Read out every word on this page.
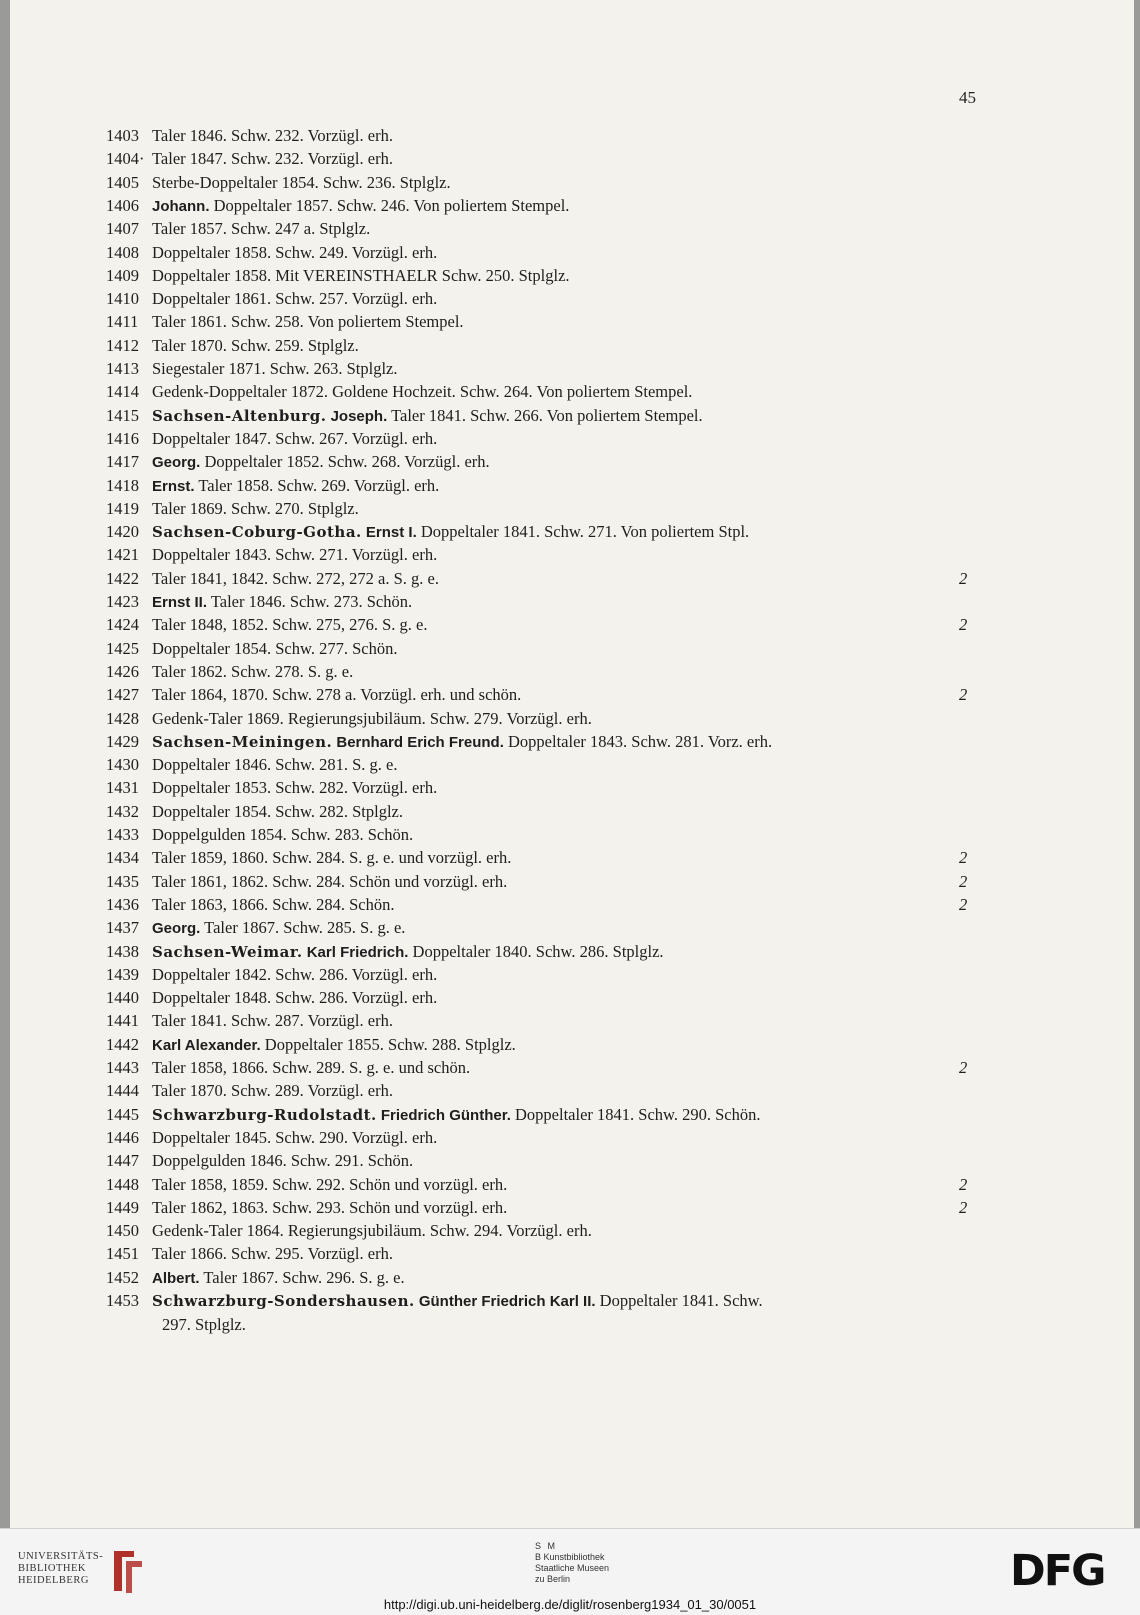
45
1403 Taler 1846. Schw. 232. Vorzügl. erh.
1404· Taler 1847. Schw. 232. Vorzügl. erh.
1405 Sterbe-Doppeltaler 1854. Schw. 236. Stplglz.
1406 Johann. Doppeltaler 1857. Schw. 246. Von poliertem Stempel.
1407 Taler 1857. Schw. 247 a. Stplglz.
1408 Doppeltaler 1858. Schw. 249. Vorzügl. erh.
1409 Doppeltaler 1858. Mit VEREINSTHAELR Schw. 250. Stplglz.
1410 Doppeltaler 1861. Schw. 257. Vorzügl. erh.
1411 Taler 1861. Schw. 258. Von poliertem Stempel.
1412 Taler 1870. Schw. 259. Stplglz.
1413 Siegestaler 1871. Schw. 263. Stplglz.
1414 Gedenk-Doppeltaler 1872. Goldene Hochzeit. Schw. 264. Von poliertem Stempel.
1415 Sachsen-Altenburg. Joseph. Taler 1841. Schw. 266. Von poliertem Stempel.
1416 Doppeltaler 1847. Schw. 267. Vorzügl. erh.
1417 Georg. Doppeltaler 1852. Schw. 268. Vorzügl. erh.
1418 Ernst. Taler 1858. Schw. 269. Vorzügl. erh.
1419 Taler 1869. Schw. 270. Stplglz.
1420 Sachsen-Coburg-Gotha. Ernst I. Doppeltaler 1841. Schw. 271. Von poliertem Stpl.
1421 Doppeltaler 1843. Schw. 271. Vorzügl. erh.
1422 Taler 1841, 1842. Schw. 272, 272 a. S. g. e.	2
1423 Ernst II. Taler 1846. Schw. 273. Schön.
1424 Taler 1848, 1852. Schw. 275, 276. S. g. e.	2
1425 Doppeltaler 1854. Schw. 277. Schön.
1426 Taler 1862. Schw. 278. S. g. e.
1427 Taler 1864, 1870. Schw. 278 a. Vorzügl. erh. und schön.	2
1428 Gedenk-Taler 1869. Regierungsjubiläum. Schw. 279. Vorzügl. erh.
1429 Sachsen-Meiningen. Bernhard Erich Freund. Doppeltaler 1843. Schw. 281. Vorz. erh.
1430 Doppeltaler 1846. Schw. 281. S. g. e.
1431 Doppeltaler 1853. Schw. 282. Vorzügl. erh.
1432 Doppeltaler 1854. Schw. 282. Stplglz.
1433 Doppelgulden 1854. Schw. 283. Schön.
1434 Taler 1859, 1860. Schw. 284. S. g. e. und vorzügl. erh.	2
1435 Taler 1861, 1862. Schw. 284. Schön und vorzügl. erh.	2
1436 Taler 1863, 1866. Schw. 284. Schön.	2
1437 Georg. Taler 1867. Schw. 285. S. g. e.
1438 Sachsen-Weimar. Karl Friedrich. Doppeltaler 1840. Schw. 286. Stplglz.
1439 Doppeltaler 1842. Schw. 286. Vorzügl. erh.
1440 Doppeltaler 1848. Schw. 286. Vorzügl. erh.
1441 Taler 1841. Schw. 287. Vorzügl. erh.
1442 Karl Alexander. Doppeltaler 1855. Schw. 288. Stplglz.
1443 Taler 1858, 1866. Schw. 289. S. g. e. und schön.	2
1444 Taler 1870. Schw. 289. Vorzügl. erh.
1445 Schwarzburg-Rudolstadt. Friedrich Günther. Doppeltaler 1841. Schw. 290. Schön.
1446 Doppeltaler 1845. Schw. 290. Vorzügl. erh.
1447 Doppelgulden 1846. Schw. 291. Schön.
1448 Taler 1858, 1859. Schw. 292. Schön und vorzügl. erh.	2
1449 Taler 1862, 1863. Schw. 293. Schön und vorzügl. erh.	2
1450 Gedenk-Taler 1864. Regierungsjubiläum. Schw. 294. Vorzügl. erh.
1451 Taler 1866. Schw. 295. Vorzügl. erh.
1452 Albert. Taler 1867. Schw. 296. S. g. e.
1453 Schwarzburg-Sondershausen. Günther Friedrich Karl II. Doppeltaler 1841. Schw.
297. Stplglz.
UNIVERSITÄTS-
BIBLIOTHEK
HEIDELBERG
S M
B Kunstbibliothek
Staatliche Museen
zu Berlin	DFG
http://digi.ub.uni-heidelberg.de/diglit/rosenberg1934_01_30/0051
